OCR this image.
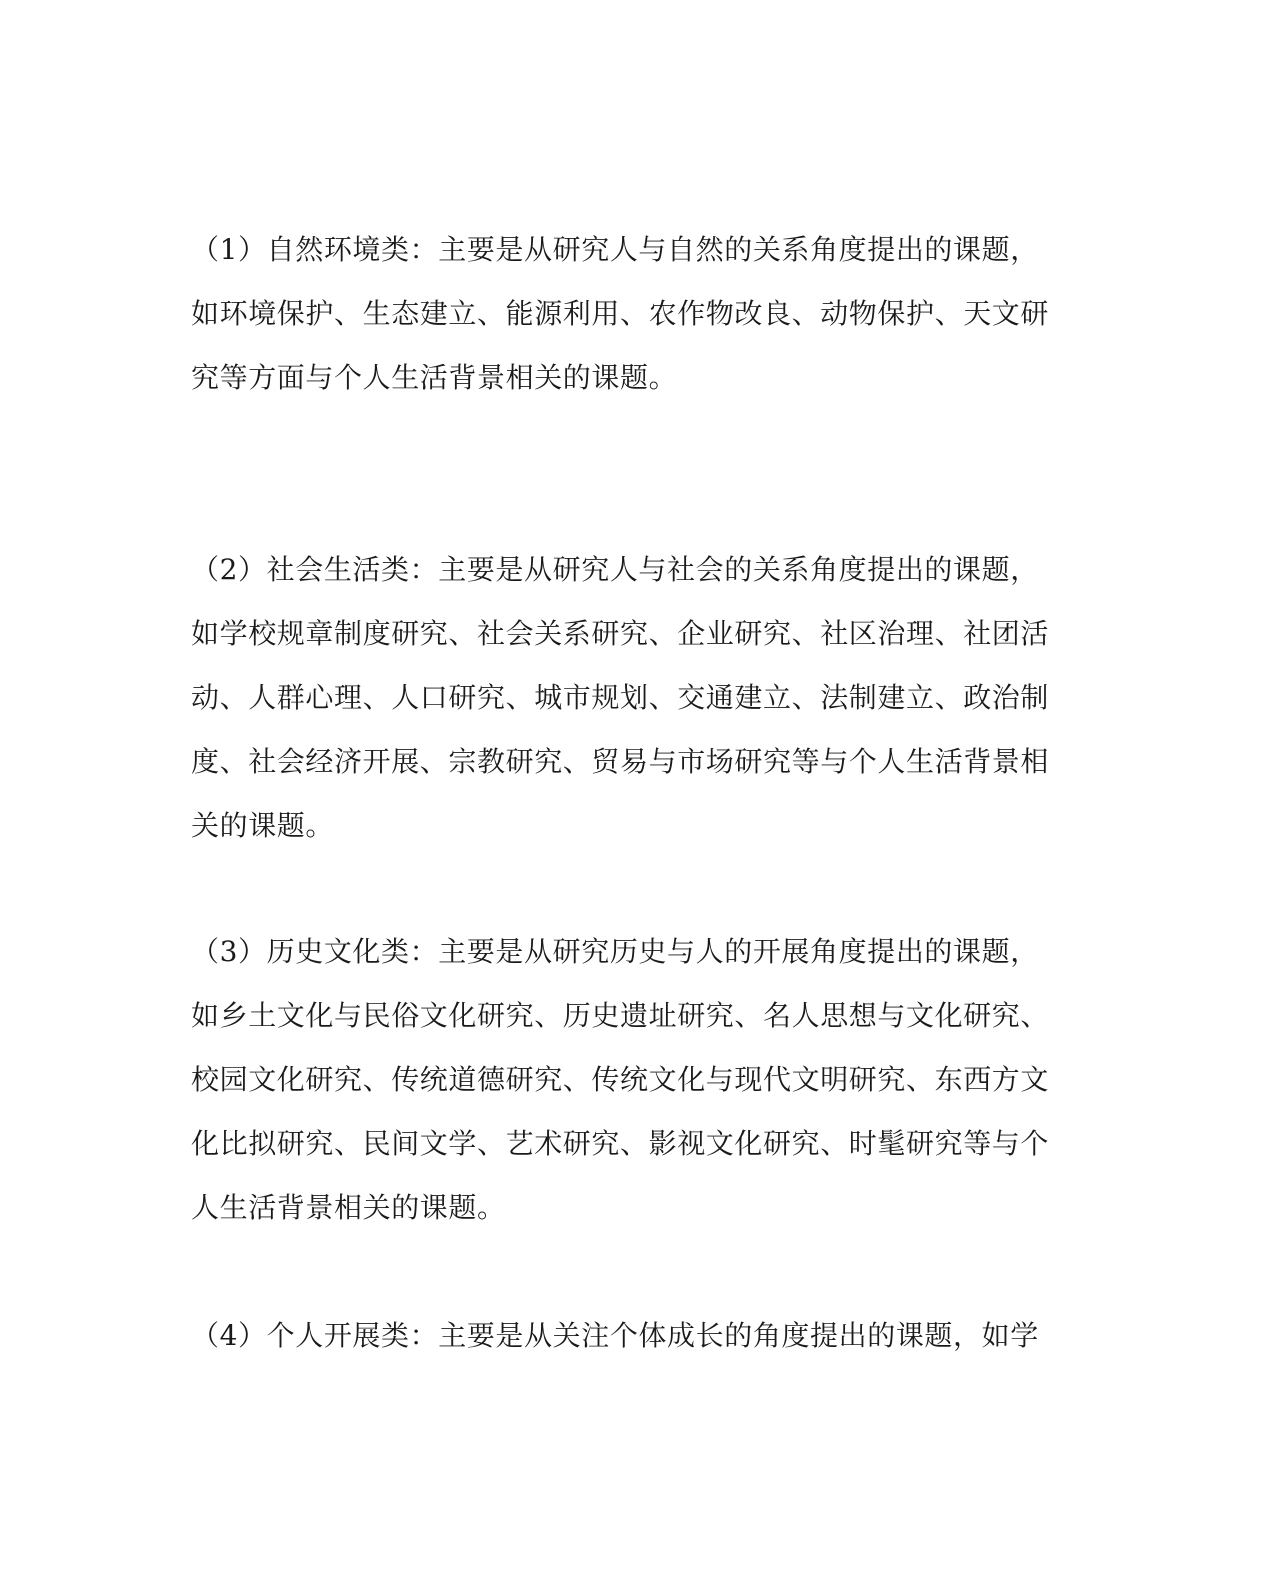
（1）自然环境类：主要是从研究人与自然的关系角度提出的课题，
如环境保护、生态建立、能源利用、农作物改良、动物保护、天文研
究等方面与个人生活背景相关的课题。

（2）社会生活类：主要是从研究人与社会的关系角度提出的课题，
如学校规章制度研究、社会关系研究、企业研究、社区治理、社团活
动、人群心理、人口研究、城市规划、交通建立、法制建立、政治制
度、社会经济开展、宗教研究、贸易与市场研究等与个人生活背景相
关的课题。

（3）历史文化类：主要是从研究历史与人的开展角度提出的课题，
如乡土文化与民俗文化研究、历史遗址研究、名人思想与文化研究、
校园文化研究、传统道德研究、传统文化与现代文明研究、东西方文
化比拟研究、民间文学、艺术研究、影视文化研究、时髦研究等与个
人生活背景相关的课题。

（4）个人开展类：主要是从关注个体成长的角度提出的课题，如学
